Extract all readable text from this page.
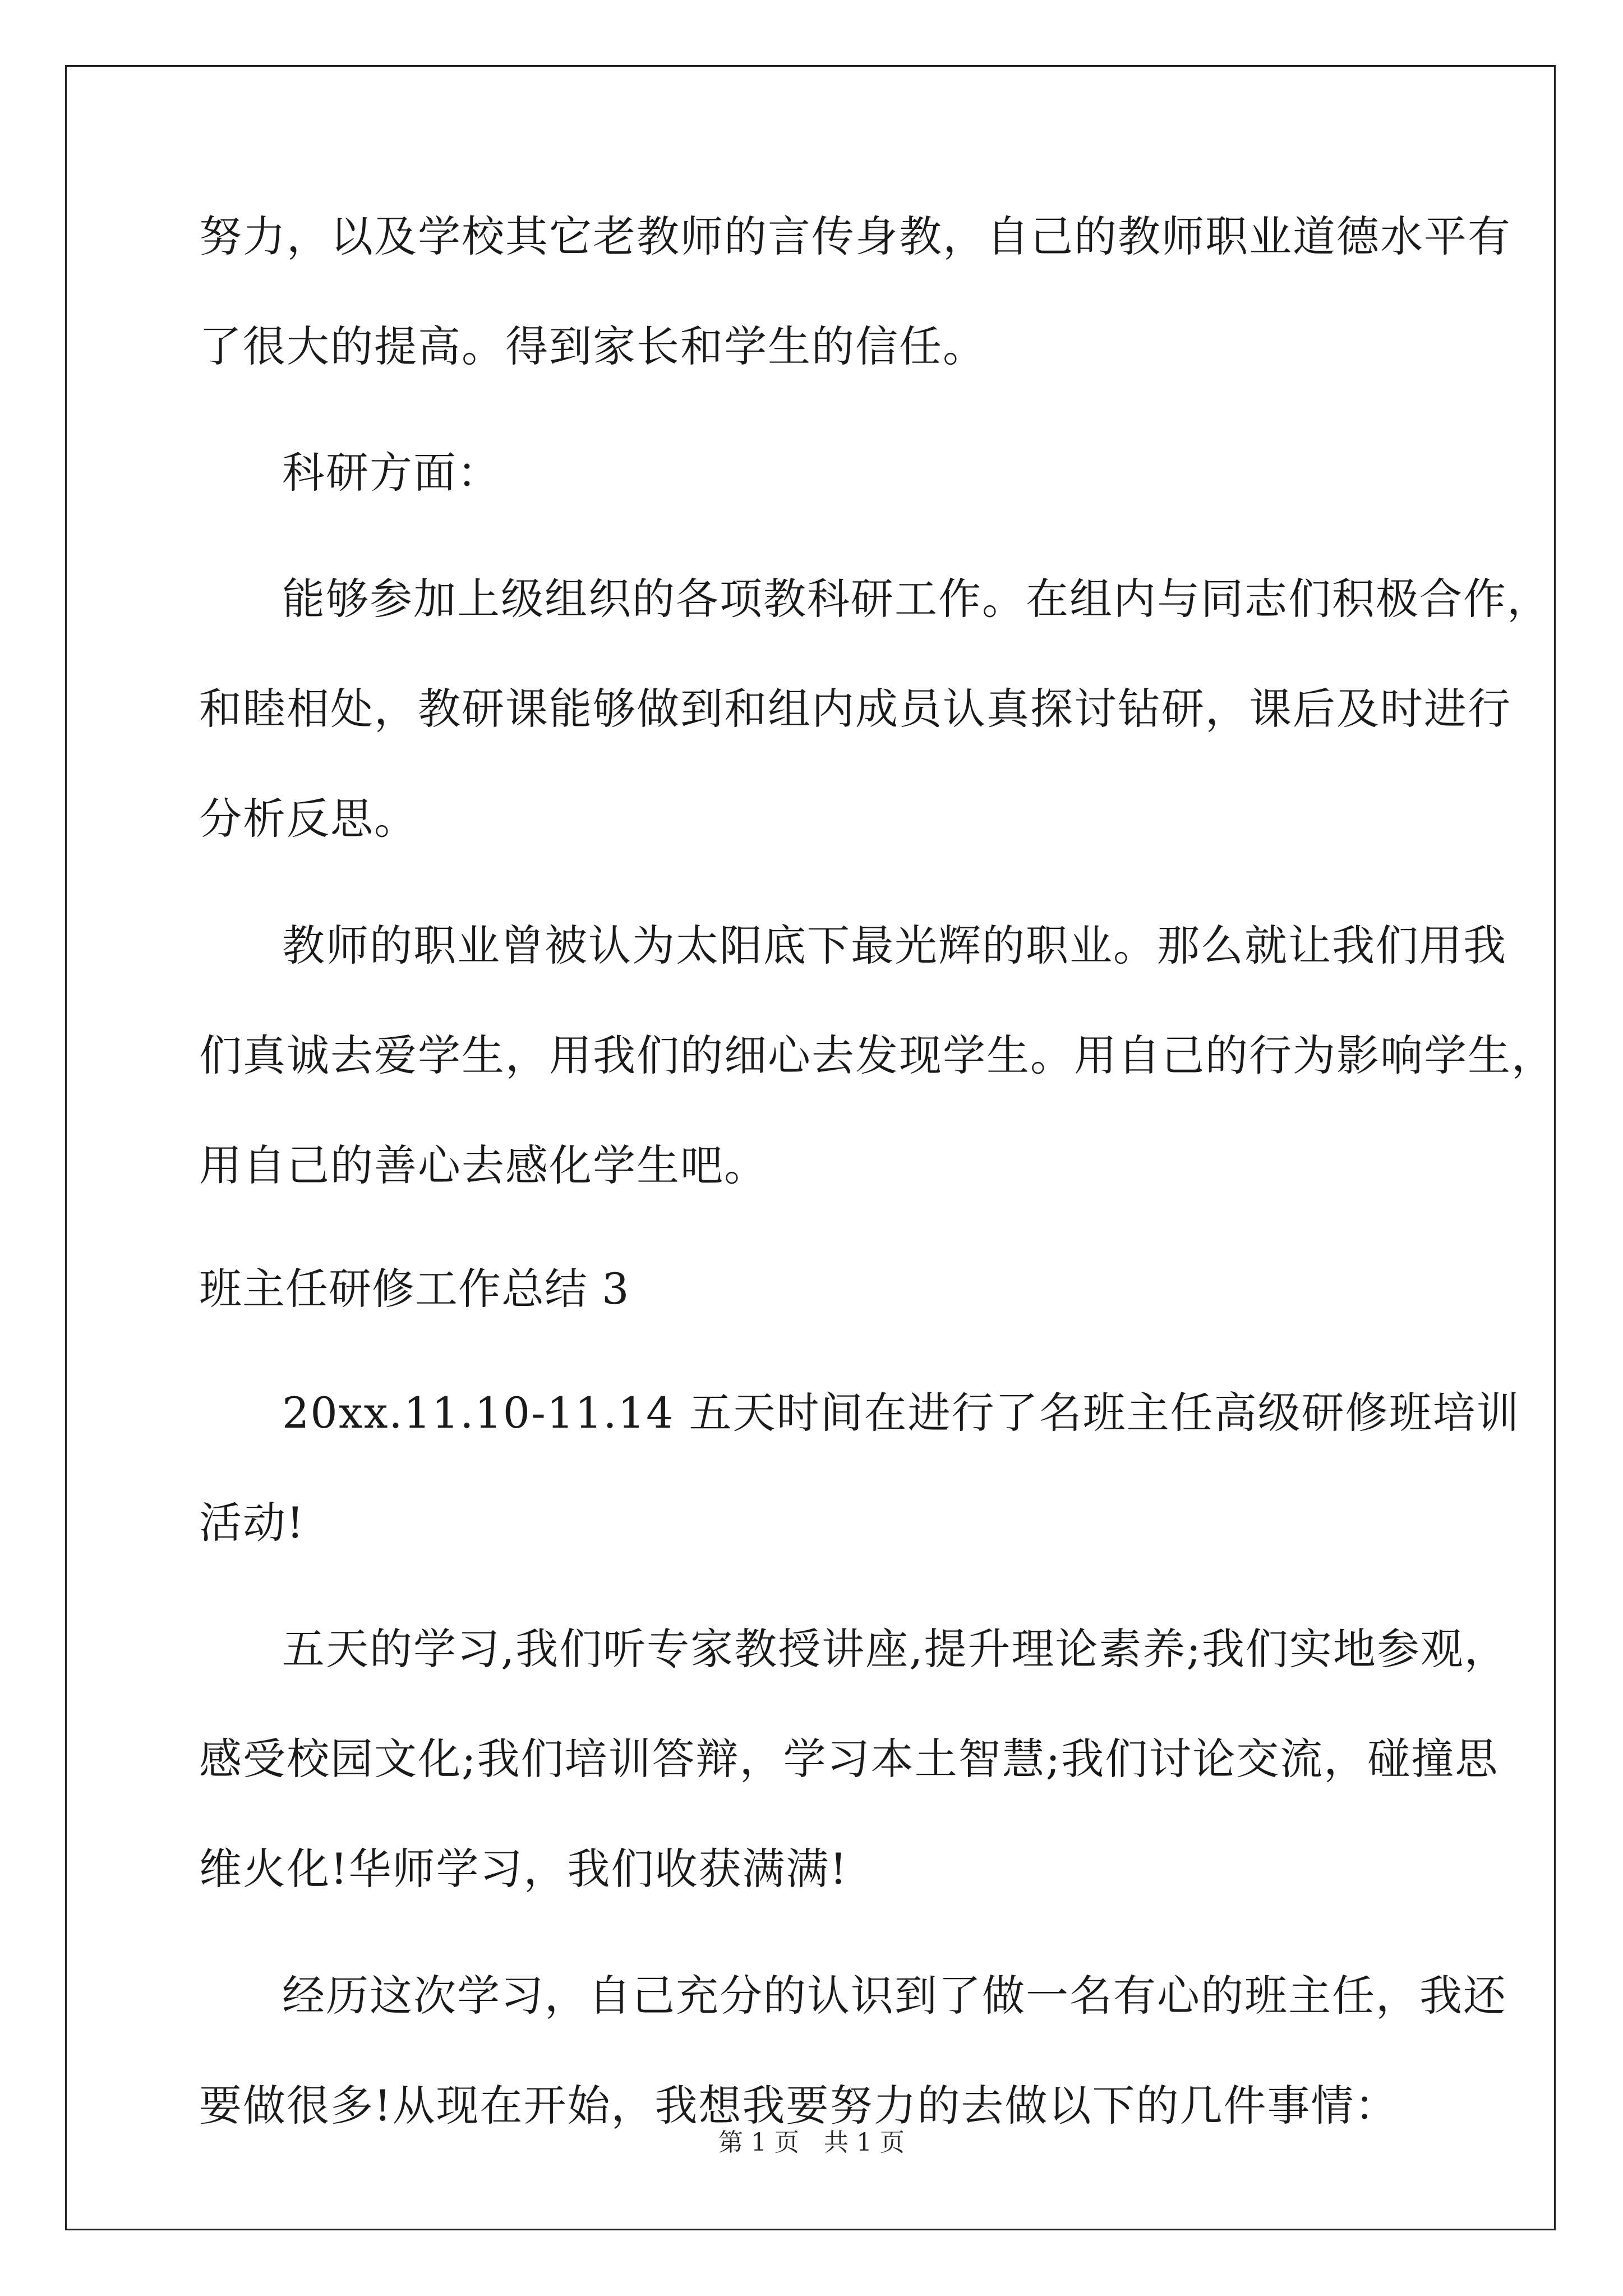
努力，以及学校其它老教师的言传身教，自己的教师职业道德水平有
了很大的提高。得到家长和学生的信任。
科研方面：
能够参加上级组织的各项教科研工作。在组内与同志们积极合作，
和睦相处，教研课能够做到和组内成员认真探讨钻研，课后及时进行
分析反思。
教师的职业曾被认为太阳底下最光辉的职业。那么就让我们用我
们真诚去爱学生，用我们的细心去发现学生。用自己的行为影响学生，
用自己的善心去感化学生吧。
班主任研修工作总结 3
20xx.11.10-11.14 五天时间在进行了名班主任高级研修班培训
活动!
五天的学习,我们听专家教授讲座,提升理论素养;我们实地参观，
感受校园文化;我们培训答辩，学习本土智慧;我们讨论交流，碰撞思
维火化!华师学习，我们收获满满!
经历这次学习，自己充分的认识到了做一名有心的班主任，我还
要做很多!从现在开始，我想我要努力的去做以下的几件事情：
第 1 页　共 1 页
